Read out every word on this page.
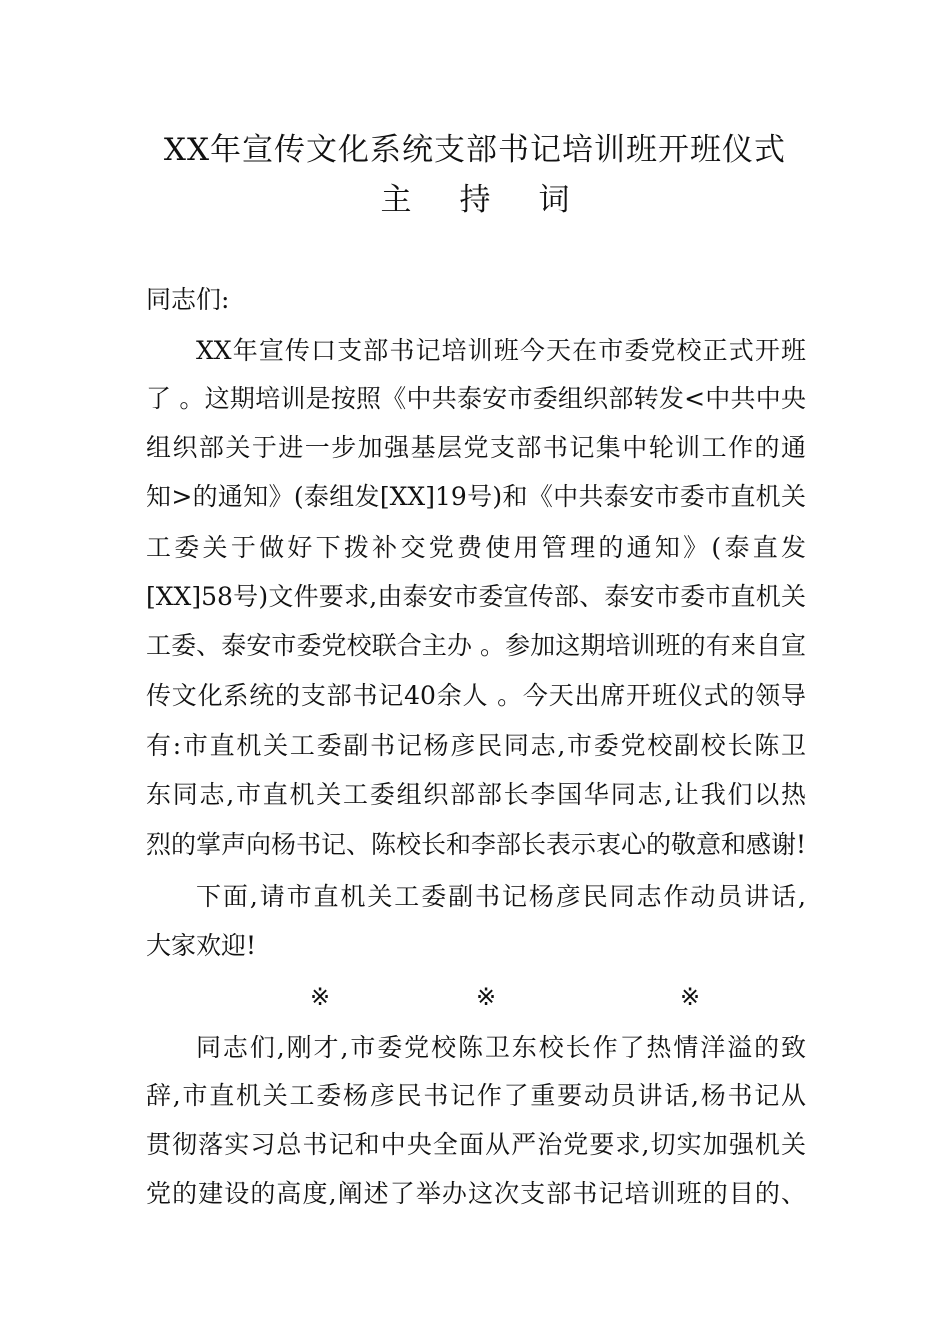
XX年宣传文化系统支部书记培训班开班仪式
主 持 词
同志们:
XX年宣传口支部书记培训班今天在市委党校正式开班
了 。这期培训是按照《中共泰安市委组织部转发<中共中央
组织部关于进一步加强基层党支部书记集中轮训工作的通
知>的通知》(泰组发[XX]19号)和《中共泰安市委市直机关
工委关于做好下拨补交党费使用管理的通知》(泰直发
[XX]58号)文件要求,由泰安市委宣传部、泰安市委市直机关
工委、泰安市委党校联合主办 。参加这期培训班的有来自宣
传文化系统的支部书记40余人 。今天出席开班仪式的领导
有:市直机关工委副书记杨彦民同志,市委党校副校长陈卫
东同志,市直机关工委组织部部长李国华同志,让我们以热
烈的掌声向杨书记、陈校长和李部长表示衷心的敬意和感谢!
下面,请市直机关工委副书记杨彦民同志作动员讲话,
大家欢迎!
※	※	※
同志们,刚才,市委党校陈卫东校长作了热情洋溢的致
辞,市直机关工委杨彦民书记作了重要动员讲话,杨书记从
贯彻落实习总书记和中央全面从严治党要求,切实加强机关
党的建设的高度,阐述了举办这次支部书记培训班的目的、
